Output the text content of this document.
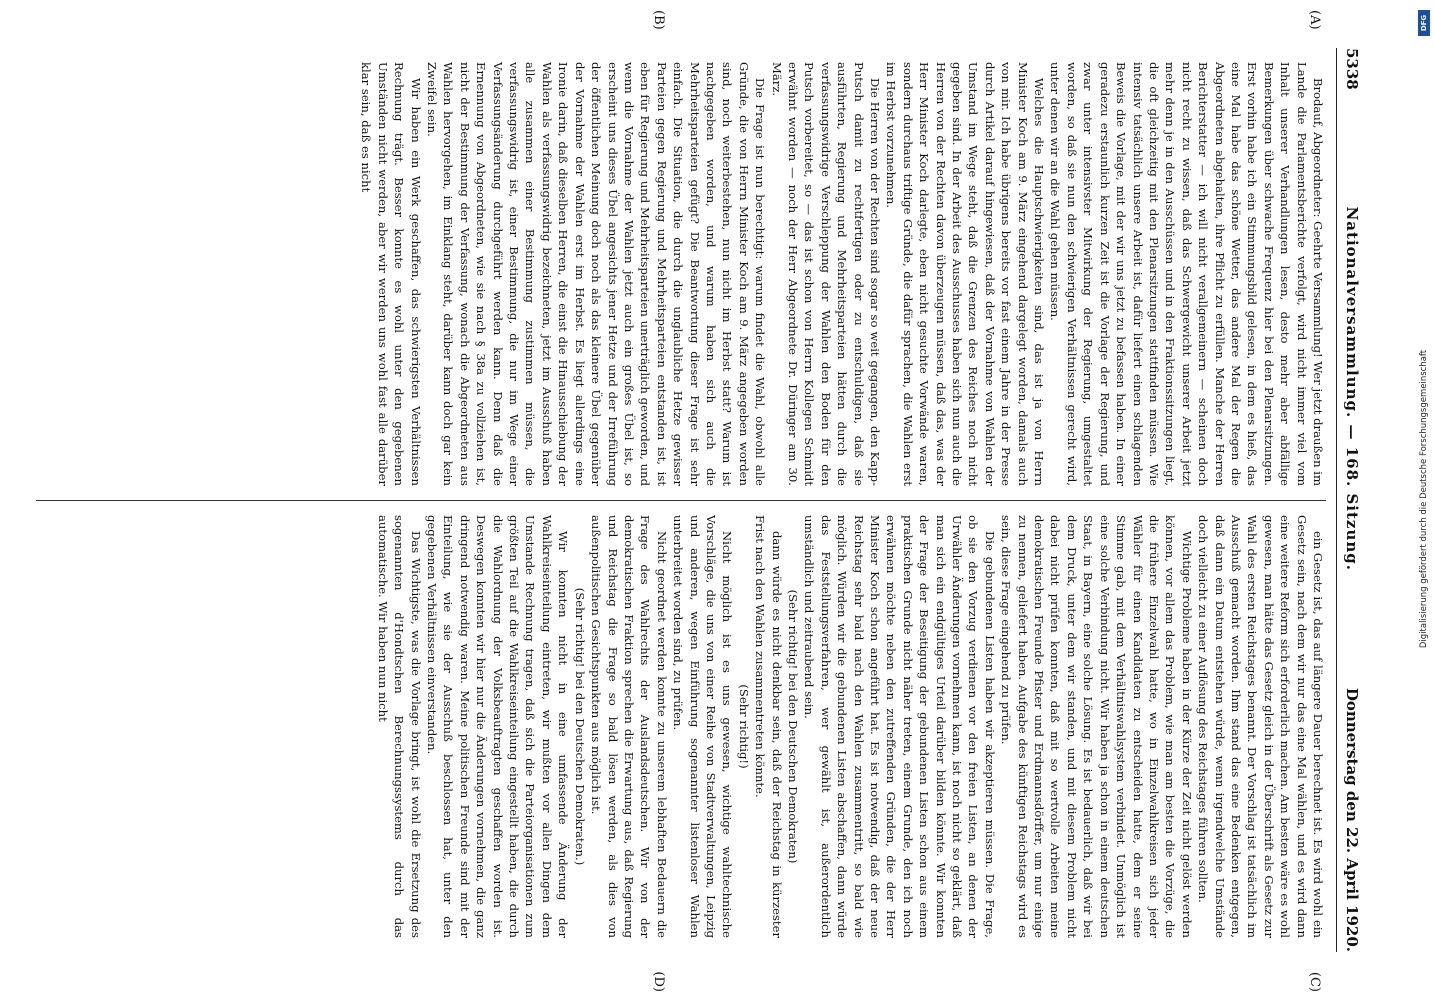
5338
Nationalversammlung. — 168. Sitzung.
Donnerstag den 22. April 1920.
(A)
(B)
(C)
(D)

Brodauf, Abgeordneter: Geehrte Versammlung! Wer jetzt draußen im Lande die Parlamentsberichte verfolgt, wird nicht immer viel vom Inhalt unserer Verhandlungen lesen, desto mehr aber abfällige Bemerkungen über schwache Frequenz hier bei den Plenarsitzungen. Erst vorhin habe ich ein Stimmungsbild gelesen, in dem es hieß, das eine Mal habe das schöne Wetter, das andere Mal der Regen die Abgeordneten abgehalten, ihre Pflicht zu erfüllen. Manche der Herren Berichterstatter — ich will nicht verallgemeinern — scheinen doch nicht recht zu wissen, daß das Schwergewicht unserer Arbeit jetzt mehr denn je in den Ausschüssen und in den Fraktionssitzungen liegt, die oft gleichzeitig mit den Plenarsitzungen stattfinden müssen. Wie intensiv tatsächlich unsere Arbeit ist, dafür liefert einen schlagenden Beweis die Vorlage, mit der wir uns jetzt zu befassen haben. In einer geradezu erstaunlich kurzen Zeit ist die Vorlage der Regierung, und zwar unter intensivster Mitwirkung der Regierung, umgestaltet worden, so daß sie nun den schwierigen Verhältnissen gerecht wird, unter denen wir an die Wahl gehen müssen.

Welches die Hauptschwierigkeiten sind, das ist ja von Herrn Minister Koch am 9. März eingehend dargelegt worden, damals auch von mir. Ich habe übrigens bereits vor fast einem Jahre in der Presse durch Artikel darauf hingewiesen, daß der Vornahme von Wahlen der Umstand im Wege steht, daß die Grenzen des Reiches noch nicht gegeben sind. In der Arbeit des Ausschusses haben sich nun auch die Herren von der Rechten davon überzeugen müssen, daß das, was der Herr Minister Koch darlegte, eben nicht gesuchte Vorwände waren, sondern durchaus triftige Gründe, die dafür sprachen, die Wahlen erst im Herbst vorzunehmen.

Die Herren von der Rechten sind sogar so weit gegangen, den Kapp-Putsch damit zu rechtfertigen oder zu entschuldigen, daß sie ausführten, Regierung und Mehrheitsparteien hätten durch die verfassungswidrige Verschleppung der Wahlen den Boden für den Putsch vorbereitet, so — das ist schon von Herrn Kollegen Schmidt erwähnt worden — noch der Herr Abgeordnete Dr. Düringer am 30. März.

Die Frage ist nun berechtigt: warum findet die Wahl, obwohl alle Gründe, die von Herrn Minister Koch am 9. März angegeben worden sind, noch weiterbestehen, nun nicht im Herbst statt? Warum ist nachgegeben worden, und warum haben sich auch die Mehrheitsparteien gefügt? Die Beantwortung dieser Frage ist sehr einfach. Die Situation, die durch die unglaubliche Hetze gewisser Parteien gegen Regierung und Mehrheitsparteien entstanden ist, ist eben für Regierung und Mehrheitsparteien unerträglich geworden, und wenn die Vornahme der Wahlen jetzt auch ein großes Übel ist, so erscheint uns dieses Übel angesichts jener Hetze und der Irreführung der öffentlichen Meinung doch noch als das kleinere Übel gegenüber der Vornahme der Wahlen erst im Herbst. Es liegt allerdings eine Ironie darin, daß dieselben Herren, die einst die Hinausschiebung der Wahlen als verfassungswidrig bezeichneten, jetzt im Ausschuß haben alle zusammen einer Bestimmung zustimmen müssen, die verfassungswidrig ist, einer Bestimmung, die nur im Wege einer Verfassungsänderung durchgeführt werden kann. Denn daß die Ernennung von Abgeordneten, wie sie nach § 38a zu vollziehen ist, nicht der Bestimmung der Verfassung, wonach die Abgeordneten aus Wahlen hervorgehen, im Einklang steht, darüber kann doch gar kein Zweifel sein.

Wir haben ein Werk geschaffen, das schwierigsten Verhältnissen Rechnung trägt. Besser konnte es wohl unter den gegebenen Umständen nicht werden, aber wir werden uns wohl fast alle darüber klar sein, daß es nicht

ein Gesetz ist, das auf längere Dauer berechnet ist. Es wird wohl ein Gesetz sein, nach dem wir nur das eine Mal wählen, und es wird dann eine weitere Reform sich erforderlich machen. Am besten wäre es wohl gewesen, man hätte das Gesetz gleich in der Überschrift als Gesetz zur Wahl des ersten Reichstages benannt. Der Vorschlag ist tatsächlich im Ausschuß gemacht worden. Ihm stand das eine Bedenken entgegen, daß dann ein Datum entstehen würde, wenn irgendwelche Umstände doch vielleicht zu einer Auflösung des Reichstages führen sollten.

Wichtige Probleme haben in der Kürze der Zeit nicht gelöst werden können, vor allem das Problem, wie man am besten die Vorzüge, die die frühere Einzelwahl hatte, wo in Einzelwahlkreisen sich jeder Wähler für einen Kandidaten zu entscheiden hatte, dem er seine Stimme gab, mit dem Verhältniswahlsystem verbindet. Unmöglich ist eine solche Verbindung nicht. Wir haben ja schon in einem deutschen Staat, in Bayern, eine solche Lösung. Es ist bedauerlich, daß wir bei dem Druck, unter dem wir standen, und mit diesem Problem nicht dabei nicht prüfen konnten, daß mit so wertvolle Arbeiten meine demokratischen Freunde Pfister und Erdmannsdörffer, um nur einige zu nennen, geliefert haben. Aufgabe des künftigen Reichstags wird es sein, diese Frage eingehend zu prüfen.

Die gebundenen Listen haben wir akzeptieren müssen. Die Frage, ob sie den Vorzug verdienen vor den freien Listen, an denen der Urwähler Änderungen vornehmen kann, ist noch nicht so geklärt, daß man sich ein endgültiges Urteil darüber bilden könnte. Wir konnten der Frage der Beseitigung der gebundenen Listen schon aus einem praktischen Grunde nicht näher treten, einem Grunde, den ich noch erwähnen möchte neben den zutreffenden Gründen, die der Herr Minister Koch schon angeführt hat. Es ist notwendig, daß der neue Reichstag sehr bald nach den Wahlen zusammentritt, so bald wie möglich. Würden wir die gebundenen Listen abschaffen, dann würde das Feststellungsverfahren, wer gewählt ist, außerordentlich umständlich und zeitraubend sein.

(Sehr richtig! bei den Deutschen Demokraten)

dann würde es nicht denkbar sein, daß der Reichstag in kürzester Frist nach den Wahlen zusammentreten könnte.

(Sehr richtig!)

Nicht möglich ist es uns gewesen, wichtige wahltechnische Vorschläge, die uns von einer Reihe von Stadtverwaltungen, Leipzig und anderen, wegen Einführung sogenannter listenloser Wahlen unterbreitet worden sind, zu prüfen.

Nicht geordnet werden konnte zu unserem lebhaften Bedauern die Frage des Wahlrechts der Auslandsdeutschen. Wir von der demokratischen Fraktion sprechen die Erwartung aus, daß Regierung und Reichstag die Frage so bald lösen werden, als dies von außenpolitischen Gesichtspunkten aus möglich ist.

(Sehr richtig! bei den Deutschen Demokraten.)

Wir konnten nicht in eine umfassende Änderung der Wahlkreiseinteilung eintreten, wir mußten vor allen Dingen dem Umstande Rechnung tragen, daß sich die Parteiorganisationen zum größten Teil auf die Wahlkreiseinteilung eingestellt haben, die durch die Wahlordnung der Volksbeauftragten geschaffen worden ist. Deswegen konnten wir hier nur die Änderungen vornehmen, die ganz dringend notwendig waren. Meine politischen Freunde sind mit der Einteilung, wie sie der Ausschuß beschlossen hat, unter den gegebenen Verhältnissen einverstanden.

Das Wichtigste, was die Vorlage bringt, ist wohl die Ersetzung des sogenannten d'Hondtschen Berechnungssystems durch das automatische. Wir haben nun nicht

DFG
Digitalisierung gefördert durch die Deutsche Forschungsgemeinschaft
